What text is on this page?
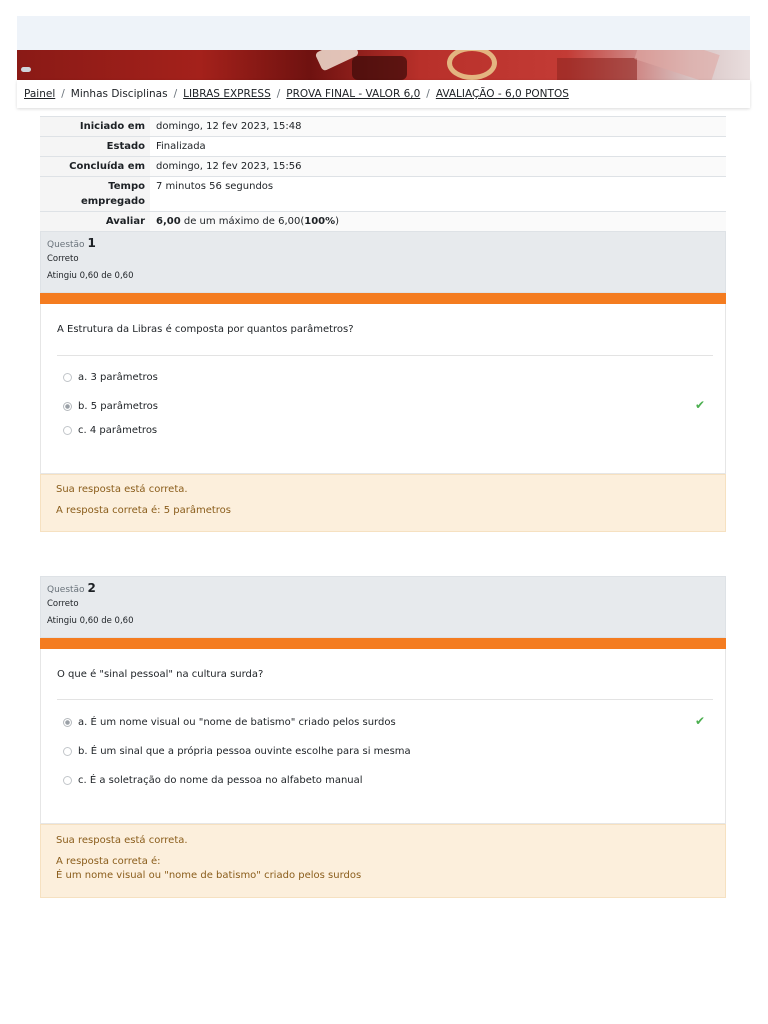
Painel / Minhas Disciplinas / LIBRAS EXPRESS / PROVA FINAL - VALOR 6,0 / AVALIAÇÃO - 6,0 PONTOS
Iniciado em	domingo, 12 fev 2023, 15:48
Estado	Finalizada
Concluída em	domingo, 12 fev 2023, 15:56
Tempo
empregado	7 minutos 56 segundos
Avaliar	6,00 de um máximo de 6,00(100%)
Questão 1
Correto
Atingiu 0,60 de 0,60
A Estrutura da Libras é composta por quantos parâmetros?
a. 3 parâmetros
b. 5 parâmetros	✔
c. 4 parâmetros

Sua resposta está correta.

A resposta correta é: 5 parâmetros

Questão 2
Correto
Atingiu 0,60 de 0,60
O que é "sinal pessoal" na cultura surda?
a. É um nome visual ou "nome de batismo" criado pelos surdos	✔
b. É um sinal que a própria pessoa ouvinte escolhe para si mesma
c. É a soletração do nome da pessoa no alfabeto manual

Sua resposta está correta.

A resposta correta é:

É um nome visual ou "nome de batismo" criado pelos surdos
